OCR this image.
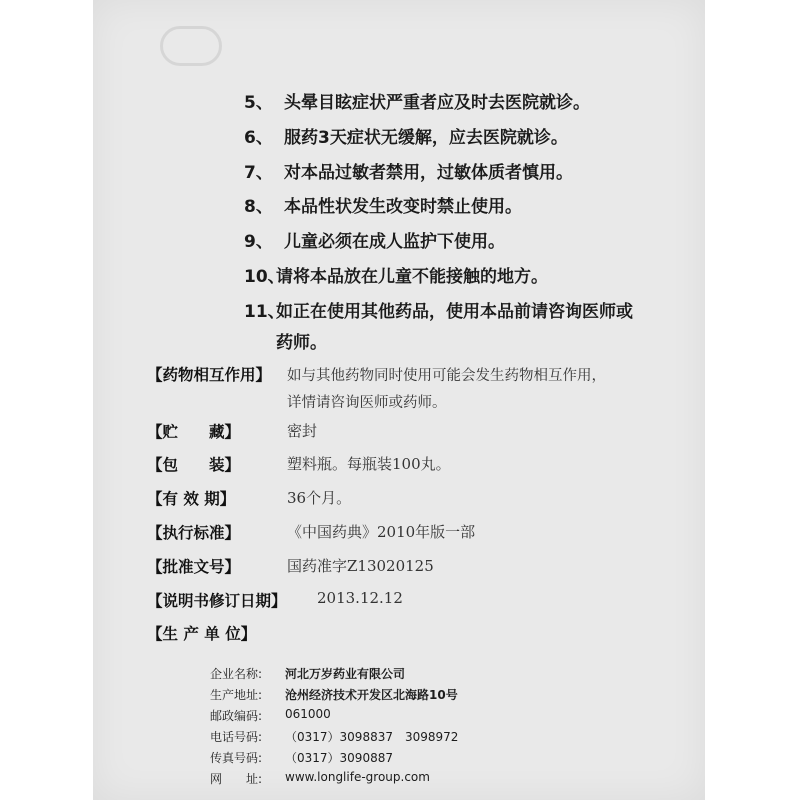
5、 头晕目眩症状严重者应及时去医院就诊。
6、 服药3天症状无缓解，应去医院就诊。
7、 对本品过敏者禁用，过敏体质者慎用。
8、 本品性状发生改变时禁止使用。
9、 儿童必须在成人监护下使用。
10、请将本品放在儿童不能接触的地方。
11、如正在使用其他药品，使用本品前请咨询医师或
药师。
【药物相互作用】 如与其他药物同时使用可能会发生药物相互作用，
详情请咨询医师或药师。
【贮　　藏】	密封
【包　　装】	塑料瓶。每瓶装100丸。
【有 效 期】	36个月。
【执行标准】	《中国药典》2010年版一部
【批准文号】	国药准字Z13020125
【说明书修订日期】 2013.12.12
【生 产 单 位】
企业名称: 河北万岁药业有限公司
生产地址: 沧州经济技术开发区北海路10号
邮政编码: 061000
电话号码: （0317）3098837　3098972
传真号码: （0317）3090887
网　　址: www.longlife-group.com
